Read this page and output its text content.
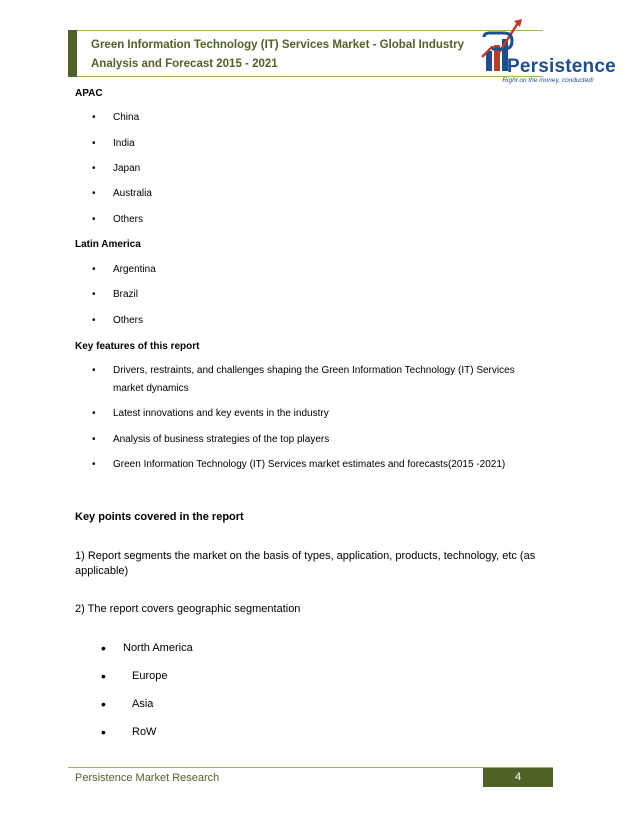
Green Information Technology (IT) Services Market - Global Industry Analysis and Forecast 2015 - 2021	Persistence
Right on the money, conducted!
APAC
• China
• India
• Japan
• Australia
• Others
Latin America
• Argentina
• Brazil
• Others
Key features of this report
• Drivers, restraints, and challenges shaping the Green Information Technology (IT) Services
market dynamics
• Latest innovations and key events in the industry
• Analysis of business strategies of the top players
• Green Information Technology (IT) Services market estimates and forecasts(2015 -2021)
Key points covered in the report
1) Report segments the market on the basis of types, application, products, technology, etc (as applicable)
2) The report covers geographic segmentation
• North America
• Europe
• Asia
• RoW
Persistence Market Research	4
